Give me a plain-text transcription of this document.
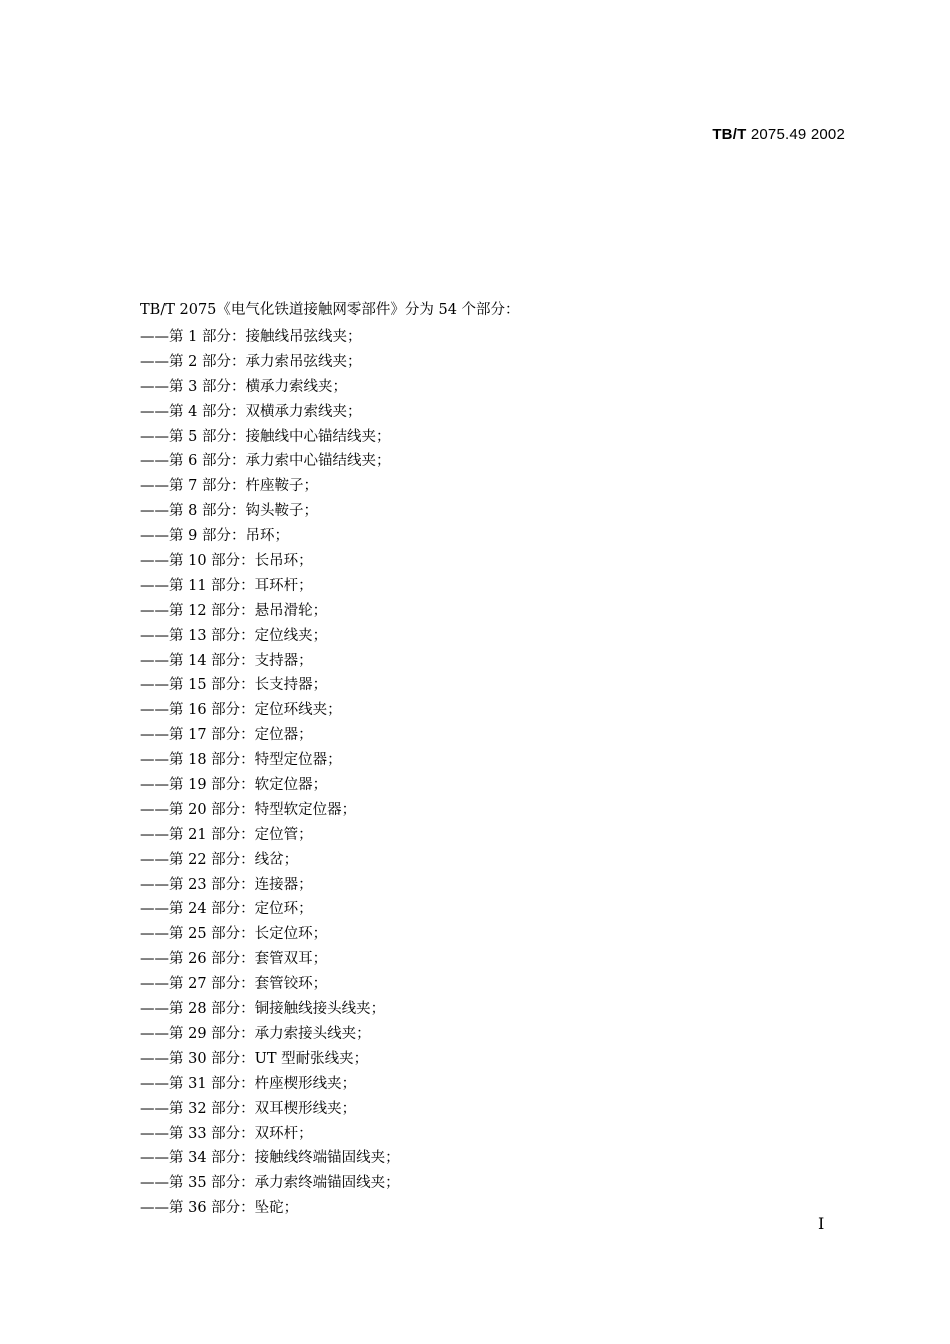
TB/T 2075.49 2002
TB/T 2075《电气化铁道接触网零部件》分为 54 个部分：
——第 1 部分：接触线吊弦线夹；
——第 2 部分：承力索吊弦线夹；
——第 3 部分：横承力索线夹；
——第 4 部分：双横承力索线夹；
——第 5 部分：接触线中心锚结线夹；
——第 6 部分：承力索中心锚结线夹；
——第 7 部分：杵座鞍子；
——第 8 部分：钩头鞍子；
——第 9 部分：吊环；
——第 10 部分：长吊环；
——第 11 部分：耳环杆；
——第 12 部分：悬吊滑轮；
——第 13 部分：定位线夹；
——第 14 部分：支持器；
——第 15 部分：长支持器；
——第 16 部分：定位环线夹；
——第 17 部分：定位器；
——第 18 部分：特型定位器；
——第 19 部分：软定位器；
——第 20 部分：特型软定位器；
——第 21 部分：定位管；
——第 22 部分：线岔；
——第 23 部分：连接器；
——第 24 部分：定位环；
——第 25 部分：长定位环；
——第 26 部分：套管双耳；
——第 27 部分：套管铰环；
——第 28 部分：铜接触线接头线夹；
——第 29 部分：承力索接头线夹；
——第 30 部分：UT 型耐张线夹；
——第 31 部分：杵座楔形线夹；
——第 32 部分：双耳楔形线夹；
——第 33 部分：双环杆；
——第 34 部分：接触线终端锚固线夹；
——第 35 部分：承力索终端锚固线夹；
——第 36 部分：坠砣；
I
